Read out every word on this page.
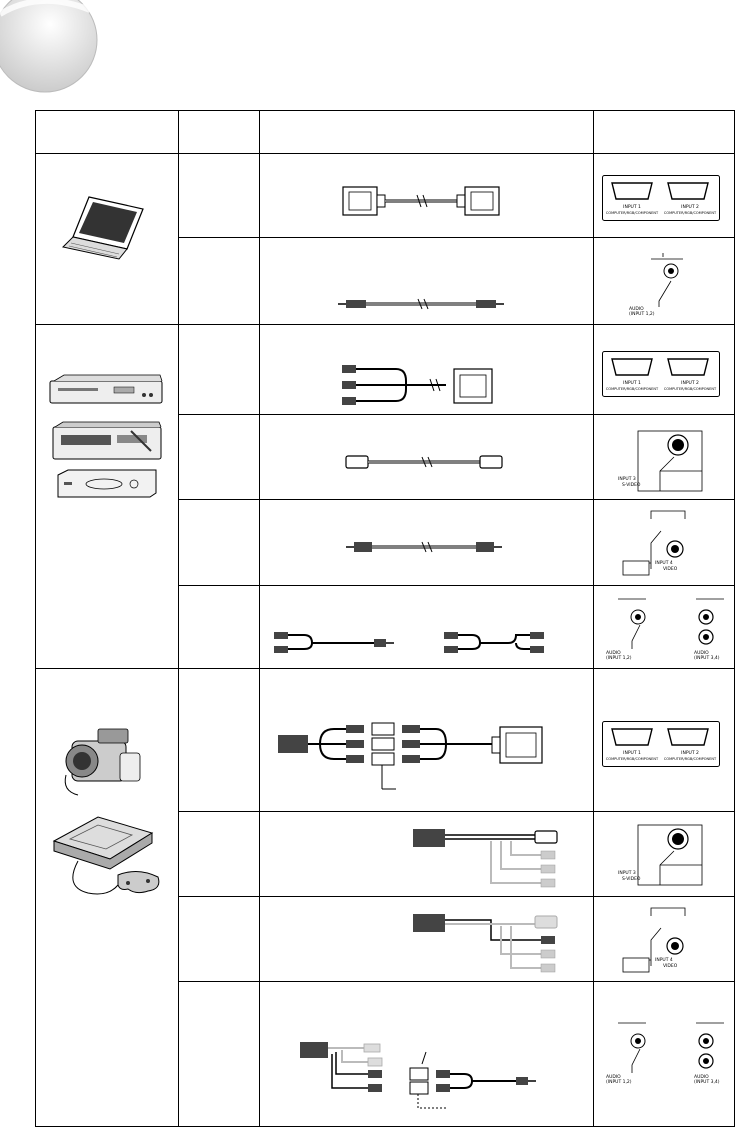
INPUT 1
COMPUTER/RGB/COMPONENT
INPUT 2
COMPUTER/RGB/COMPONENT
AUDIO
(INPUT 1,2)
INPUT 1
COMPUTER/RGB/COMPONENT
INPUT 2
COMPUTER/RGB/COMPONENT
INPUT 3
S-VIDEO
INPUT 4
VIDEO
AUDIO
(INPUT 1,2)
AUDIO
(INPUT 3,4)
INPUT 1
COMPUTER/RGB/COMPONENT
INPUT 2
COMPUTER/RGB/COMPONENT
INPUT 3
S-VIDEO
INPUT 4
VIDEO
AUDIO
(INPUT 1,2)
AUDIO
(INPUT 3,4)
